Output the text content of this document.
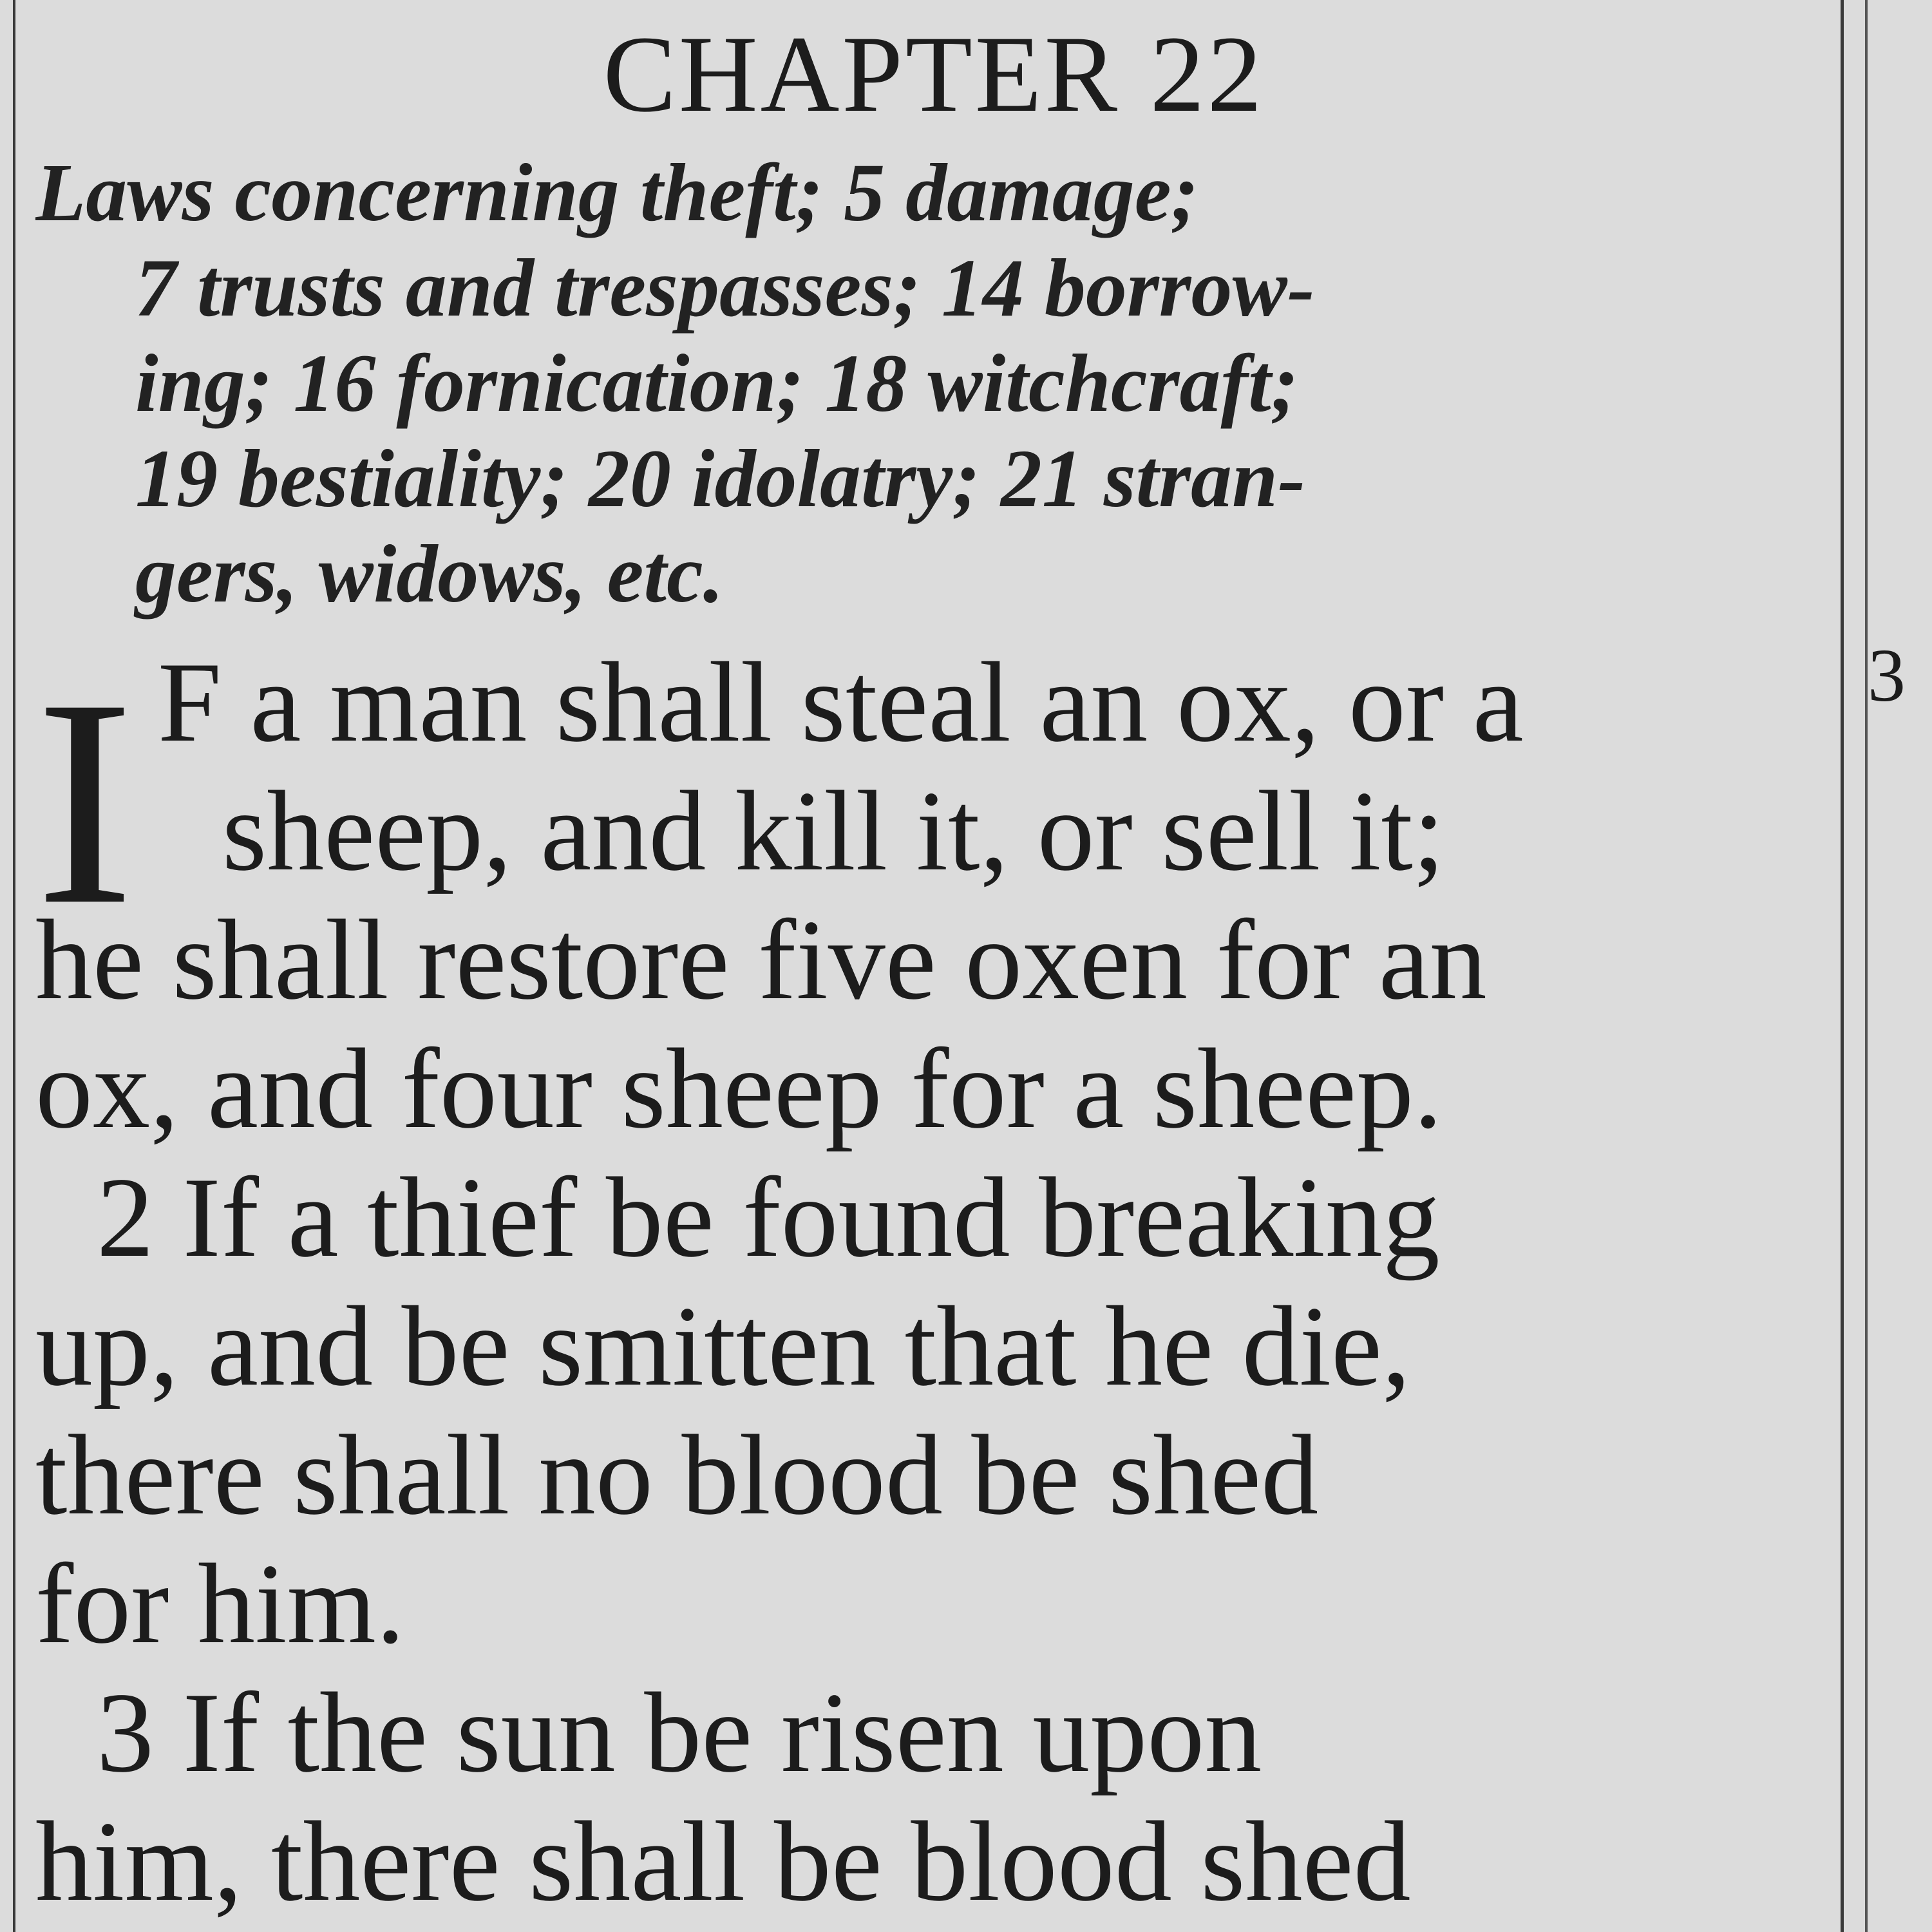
3
CHAPTER 22
Laws concerning theft; 5 damage;
7 trusts and trespasses; 14 borrow-
ing; 16 fornication; 18 witchcraft;
19 bestiality; 20 idolatry; 21 stran-
gers, widows, etc.
I F a man shall steal an ox, or a
sheep, and kill it, or sell it;
he shall restore five oxen for an
ox, and four sheep for a sheep.
2 If a thief be found breaking
up, and be smitten that he die,
there shall no blood be shed
for him.
3 If the sun be risen upon
him, there shall be blood shed
